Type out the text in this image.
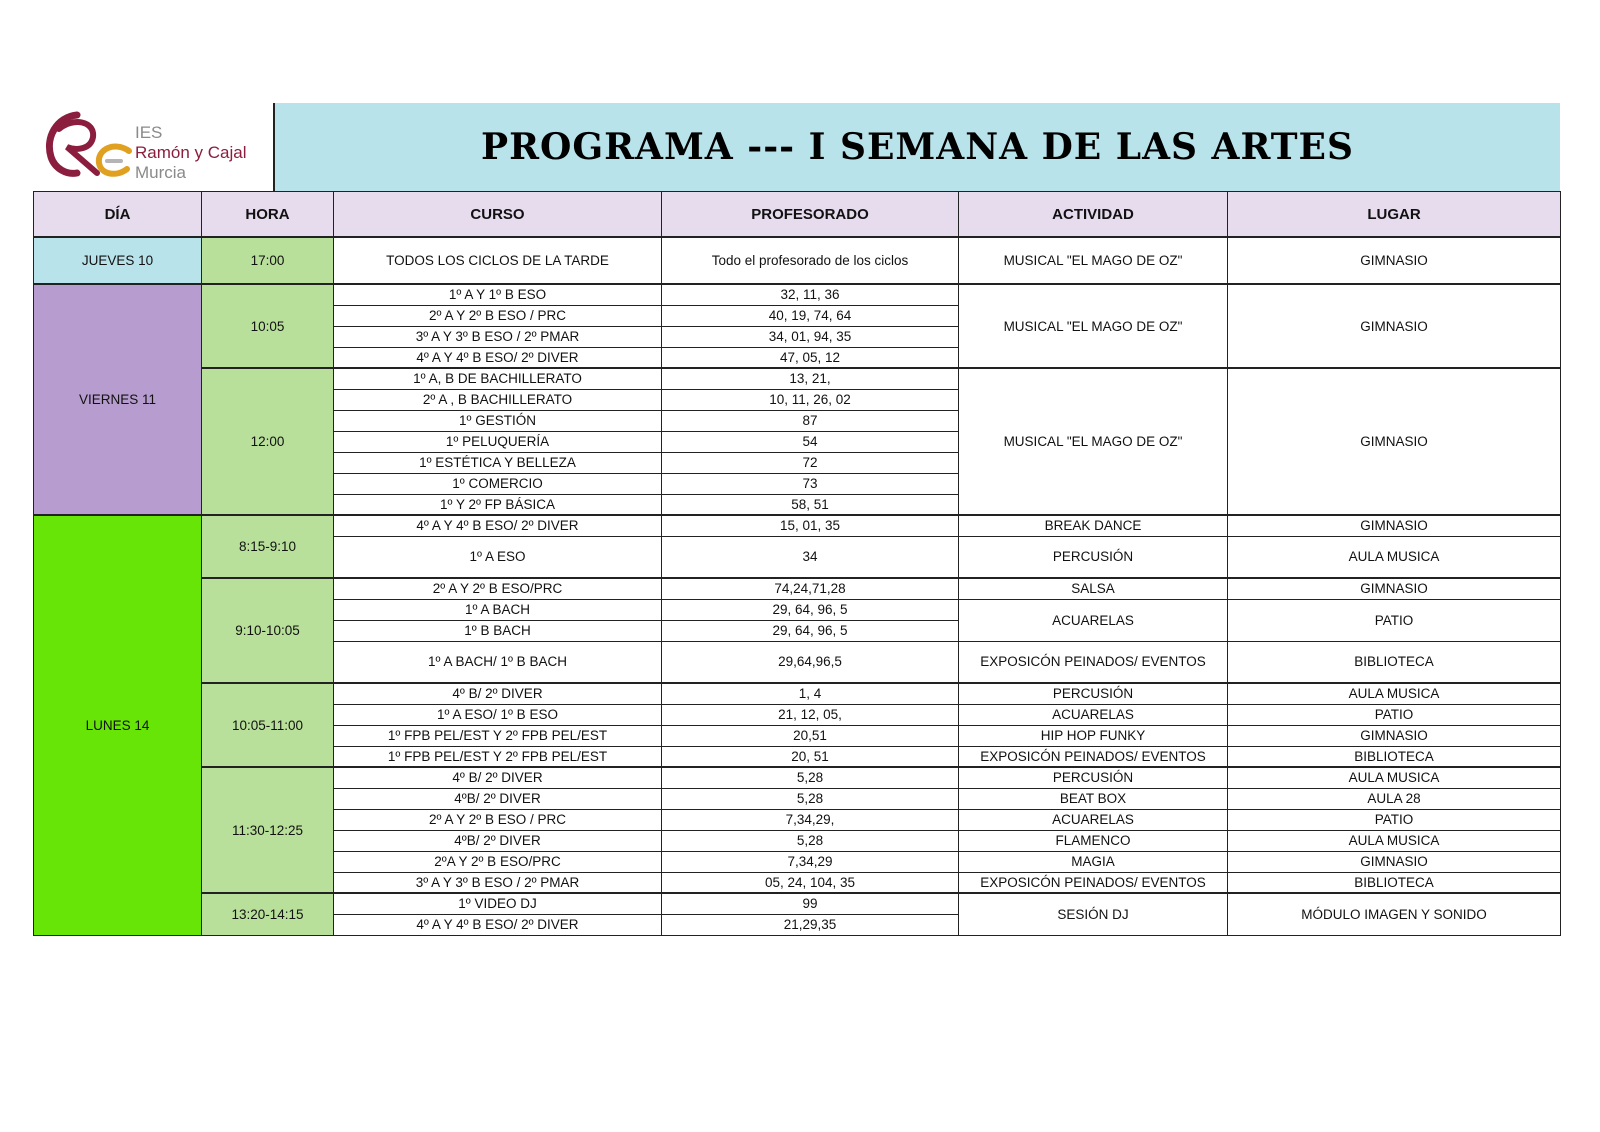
IES
Ramón y Cajal
Murcia
PROGRAMA --- I SEMANA DE LAS ARTES
DÍA	HORA	CURSO	PROFESORADO	ACTIVIDAD	LUGAR
JUEVES 10	17:00	TODOS LOS CICLOS DE LA TARDE	Todo el profesorado de los ciclos	MUSICAL "EL MAGO DE OZ"	GIMNASIO
VIERNES 11	10:05	1º A Y 1º B ESO	32, 11, 36	MUSICAL "EL MAGO DE OZ"	GIMNASIO
		2º A Y 2º B ESO / PRC	40, 19, 74, 64		
		3º A Y 3º B ESO / 2º PMAR	34, 01, 94, 35		
		4º A Y 4º B ESO/ 2º DIVER	47, 05, 12		
	12:00	1º A, B DE BACHILLERATO	13, 21,	MUSICAL "EL MAGO DE OZ"	GIMNASIO
		2º A , B BACHILLERATO	10, 11, 26, 02		
		1º GESTIÓN	87		
		1º PELUQUERÍA	54		
		1º ESTÉTICA Y BELLEZA	72		
		1º COMERCIO	73		
		1º Y 2º FP BÁSICA	58, 51		
LUNES 14	8:15-9:10	4º A Y 4º B ESO/ 2º DIVER	15, 01, 35	BREAK DANCE	GIMNASIO
		1º A ESO	34	PERCUSIÓN	AULA MUSICA
	9:10-10:05	2º A Y 2º B ESO/PRC	74,24,71,28	SALSA	GIMNASIO
		1º A BACH	29, 64, 96, 5	ACUARELAS	PATIO
		1º B BACH	29, 64, 96, 5		
		1º A BACH/ 1º B BACH	29,64,96,5	EXPOSICÓN PEINADOS/ EVENTOS	BIBLIOTECA
	10:05-11:00	4º B/ 2º DIVER	1, 4	PERCUSIÓN	AULA MUSICA
		1º A ESO/ 1º B ESO	21, 12, 05,	ACUARELAS	PATIO
		1º FPB PEL/EST Y 2º FPB PEL/EST	20,51	HIP HOP FUNKY	GIMNASIO
		1º FPB PEL/EST Y 2º FPB PEL/EST	20, 51	EXPOSICÓN PEINADOS/ EVENTOS	BIBLIOTECA
	11:30-12:25	4º B/ 2º DIVER	5,28	PERCUSIÓN	AULA MUSICA
		4ºB/ 2º DIVER	5,28	BEAT BOX	AULA 28
		2º A Y 2º B ESO / PRC	7,34,29,	ACUARELAS	PATIO
		4ºB/ 2º DIVER	5,28	FLAMENCO	AULA MUSICA
		2ºA Y 2º B ESO/PRC	7,34,29	MAGIA	GIMNASIO
		3º A Y 3º B ESO / 2º PMAR	05, 24, 104, 35	EXPOSICÓN PEINADOS/ EVENTOS	BIBLIOTECA
	13:20-14:15	1º VIDEO DJ	99	SESIÓN DJ	MÓDULO IMAGEN Y SONIDO
		4º A Y 4º B ESO/ 2º DIVER	21,29,35		
